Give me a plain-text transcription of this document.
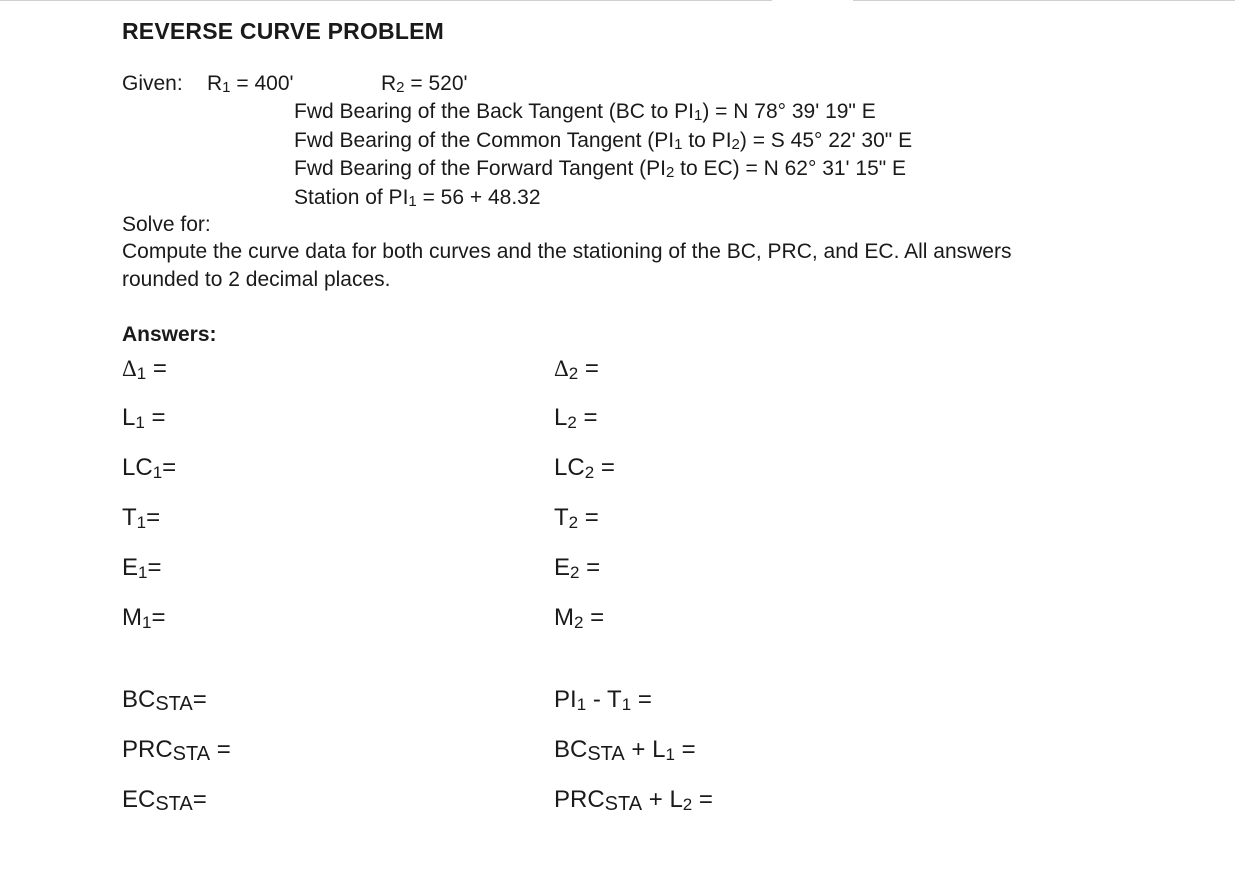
REVERSE CURVE PROBLEM
Given: R1 = 400'	R2 = 520'
Fwd Bearing of the Back Tangent (BC to PI1) = N 78° 39' 19" E
Fwd Bearing of the Common Tangent (PI1 to PI2) = S 45° 22' 30" E
Fwd Bearing of the Forward Tangent (PI2 to EC) = N 62° 31' 15" E
Station of PI1 = 56 + 48.32
Solve for:
Compute the curve data for both curves and the stationing of the BC, PRC, and EC. All answers
rounded to 2 decimal places.
Answers:
Δ1 =	Δ2 =
L1 =	L2 =
LC1=	LC2 =
T1=	T2 =
E1=	E2 =
M1=	M2 =
BCSTA=	PI1 - T1 =
PRCSTA =	BCSTA + L1 =
ECSTA=	PRCSTA + L2 =
